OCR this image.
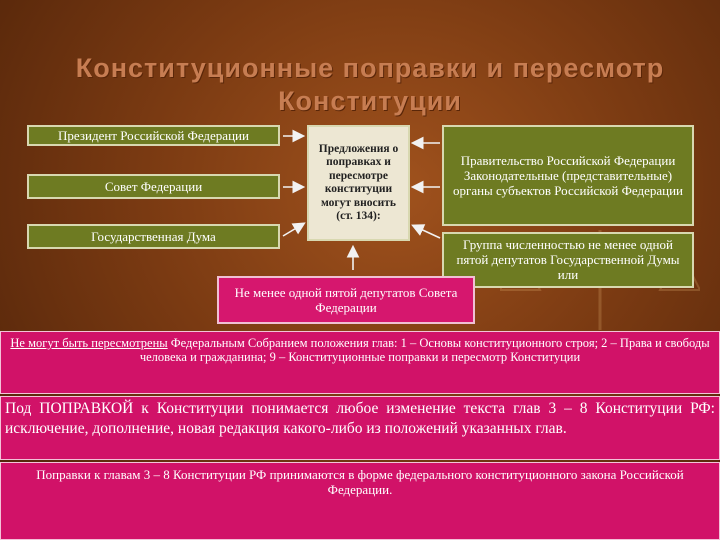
Конституционные поправки и пересмотр Конституции
Президент Российской Федерации
Совет Федерации
Государственная Дума
Предложения о поправках и пересмотре конституции могут вносить (ст. 134):
Правительство Российской Федерации Законодательные (представительные) органы субъектов Российской Федерации
Группа численностью не менее одной пятой депутатов Государственной Думы или
Не менее одной пятой депутатов Совета Федерации
Не могут быть пересмотрены Федеральным Собранием положения глав: 1 – Основы конституционного строя; 2 – Права и свободы человека и гражданина; 9 – Конституционные поправки и пересмотр Конституции
Под ПОПРАВКОЙ к Конституции понимается любое изменение текста глав 3 – 8 Конституции РФ: исключение, дополнение, новая редакция какого-либо из положений указанных глав.
Поправки к главам 3 – 8 Конституции РФ принимаются в форме федерального конституционного закона Российской Федерации.
